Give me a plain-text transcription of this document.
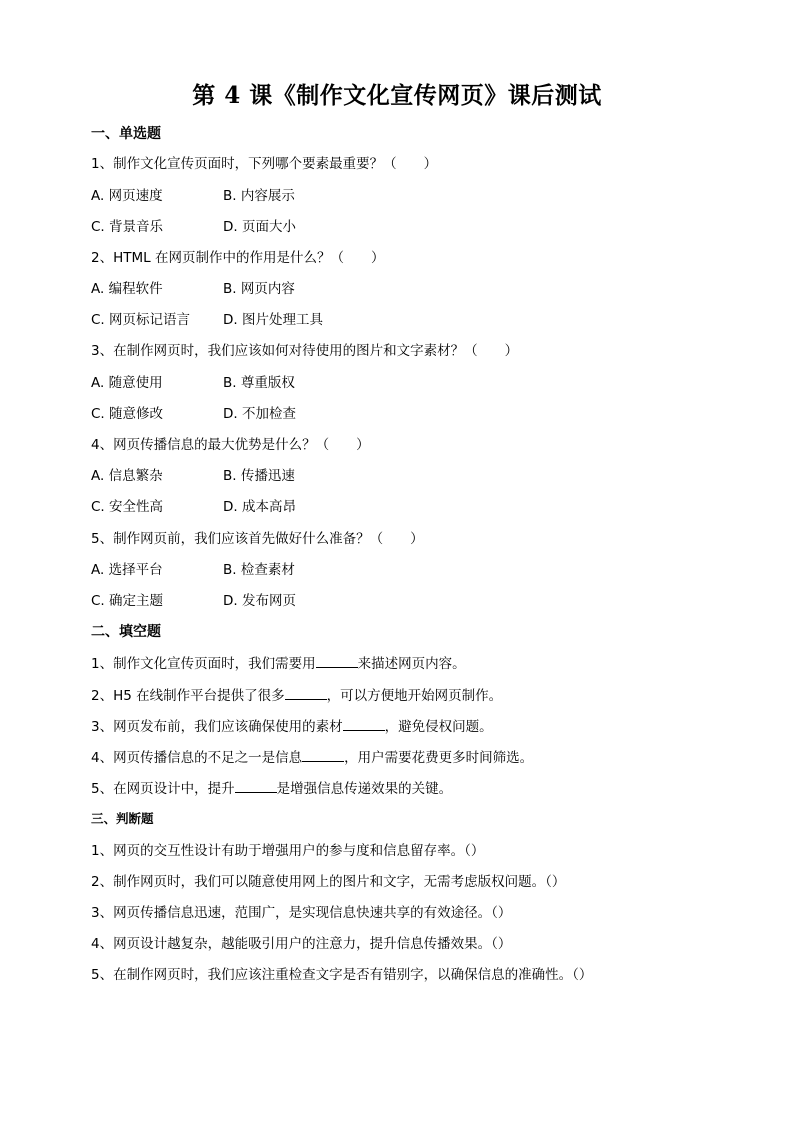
第 4 课《制作文化宣传网页》课后测试
一、单选题
1、制作文化宣传页面时，下列哪个要素最重要？（　　）
A. 网页速度	B. 内容展示
C. 背景音乐	D. 页面大小
2、HTML 在网页制作中的作用是什么？（　　）
A. 编程软件	B. 网页内容
C. 网页标记语言 D. 图片处理工具
3、在制作网页时，我们应该如何对待使用的图片和文字素材？（　　）
A. 随意使用	B. 尊重版权
C. 随意修改	D. 不加检查
4、网页传播信息的最大优势是什么？（　　）
A. 信息繁杂	B. 传播迅速
C. 安全性高	D. 成本高昂
5、制作网页前，我们应该首先做好什么准备？（　　）
A. 选择平台	B. 检查素材
C. 确定主题	D. 发布网页
二、填空题
1、制作文化宣传页面时，我们需要用	来描述网页内容。
2、H5 在线制作平台提供了很多	，可以方便地开始网页制作。
3、网页发布前，我们应该确保使用的素材	，避免侵权问题。
4、网页传播信息的不足之一是信息	，用户需要花费更多时间筛选。
5、在网页设计中，提升	是增强信息传递效果的关键。
三、判断题
1、网页的交互性设计有助于增强用户的参与度和信息留存率。（）
2、制作网页时，我们可以随意使用网上的图片和文字，无需考虑版权问题。（）
3、网页传播信息迅速，范围广，是实现信息快速共享的有效途径。（）
4、网页设计越复杂，越能吸引用户的注意力，提升信息传播效果。（）
5、在制作网页时，我们应该注重检查文字是否有错别字，以确保信息的准确性。（）
